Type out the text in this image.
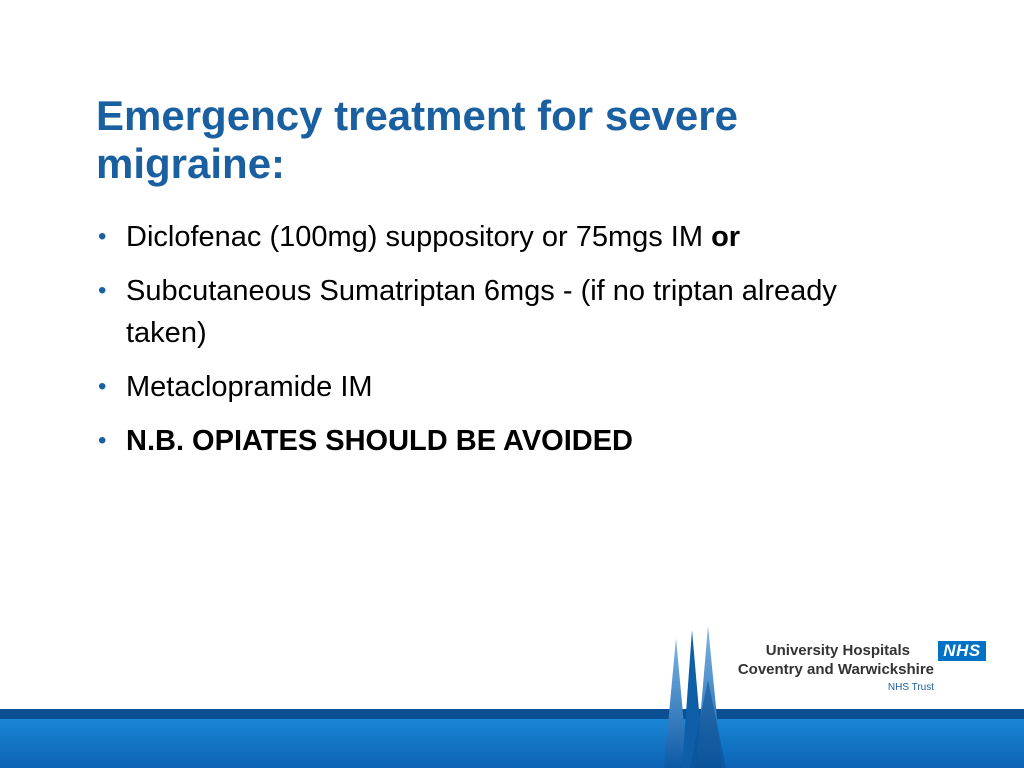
Emergency treatment for severe migraine:
• Diclofenac (100mg) suppository or 75mgs IM or
• Subcutaneous Sumatriptan 6mgs - (if no triptan already taken)
• Metaclopramide IM
• N.B. OPIATES SHOULD BE AVOIDED
University Hospitals
Coventry and Warwickshire
NHS Trust
NHS
